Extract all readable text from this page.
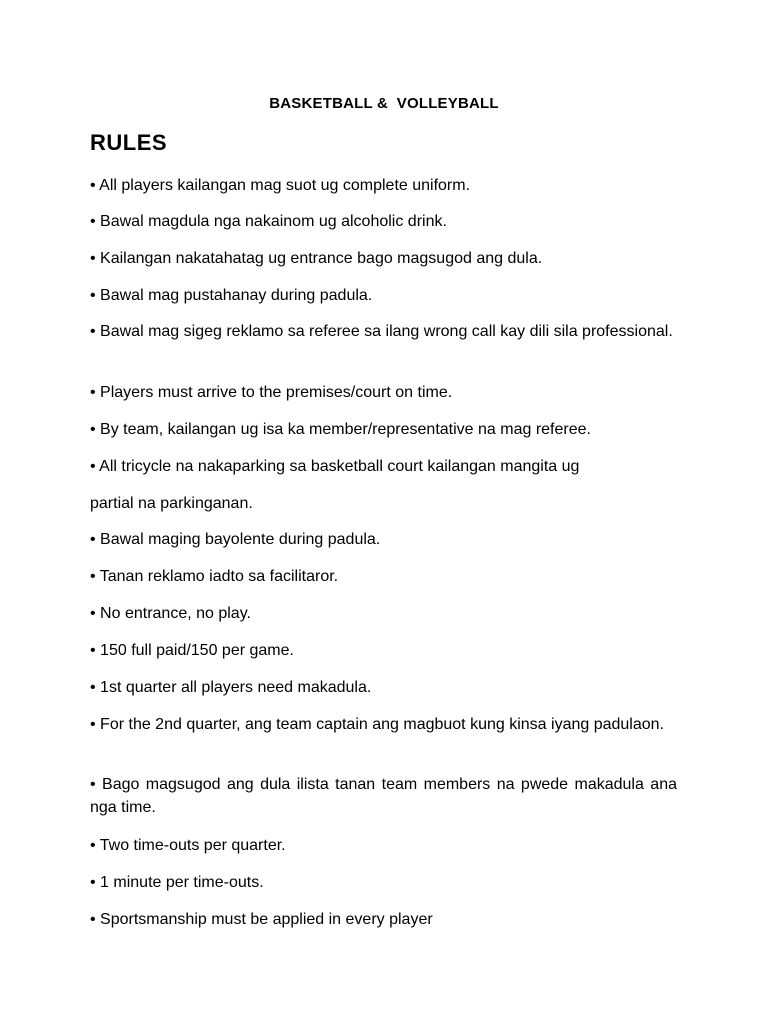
BASKETBALL &  VOLLEYBALL
RULES

• All players kailangan mag suot ug complete uniform.

• Bawal magdula nga nakainom ug alcoholic drink.

• Kailangan nakatahatag ug entrance bago magsugod ang dula.

• Bawal mag pustahanay during padula.

• Bawal mag sigeg reklamo sa referee sa ilang wrong call kay dili sila professional.

• Players must arrive to the premises/court on time.

• By team, kailangan ug isa ka member/representative na mag referee.

• All tricycle na nakaparking sa basketball court kailangan mangita ug

partial na parkinganan.

• Bawal maging bayolente during padula.

• Tanan reklamo iadto sa facilitaror.

• No entrance, no play.

• 150 full paid/150 per game.

• 1st quarter all players need makadula.

• For the 2nd quarter, ang team captain ang magbuot kung kinsa iyang padulaon.

• Bago magsugod ang dula ilista tanan team members na pwede makadula ana nga time.

• Two time-outs per quarter.

• 1 minute per time-outs.

• Sportsmanship must be applied in every player
